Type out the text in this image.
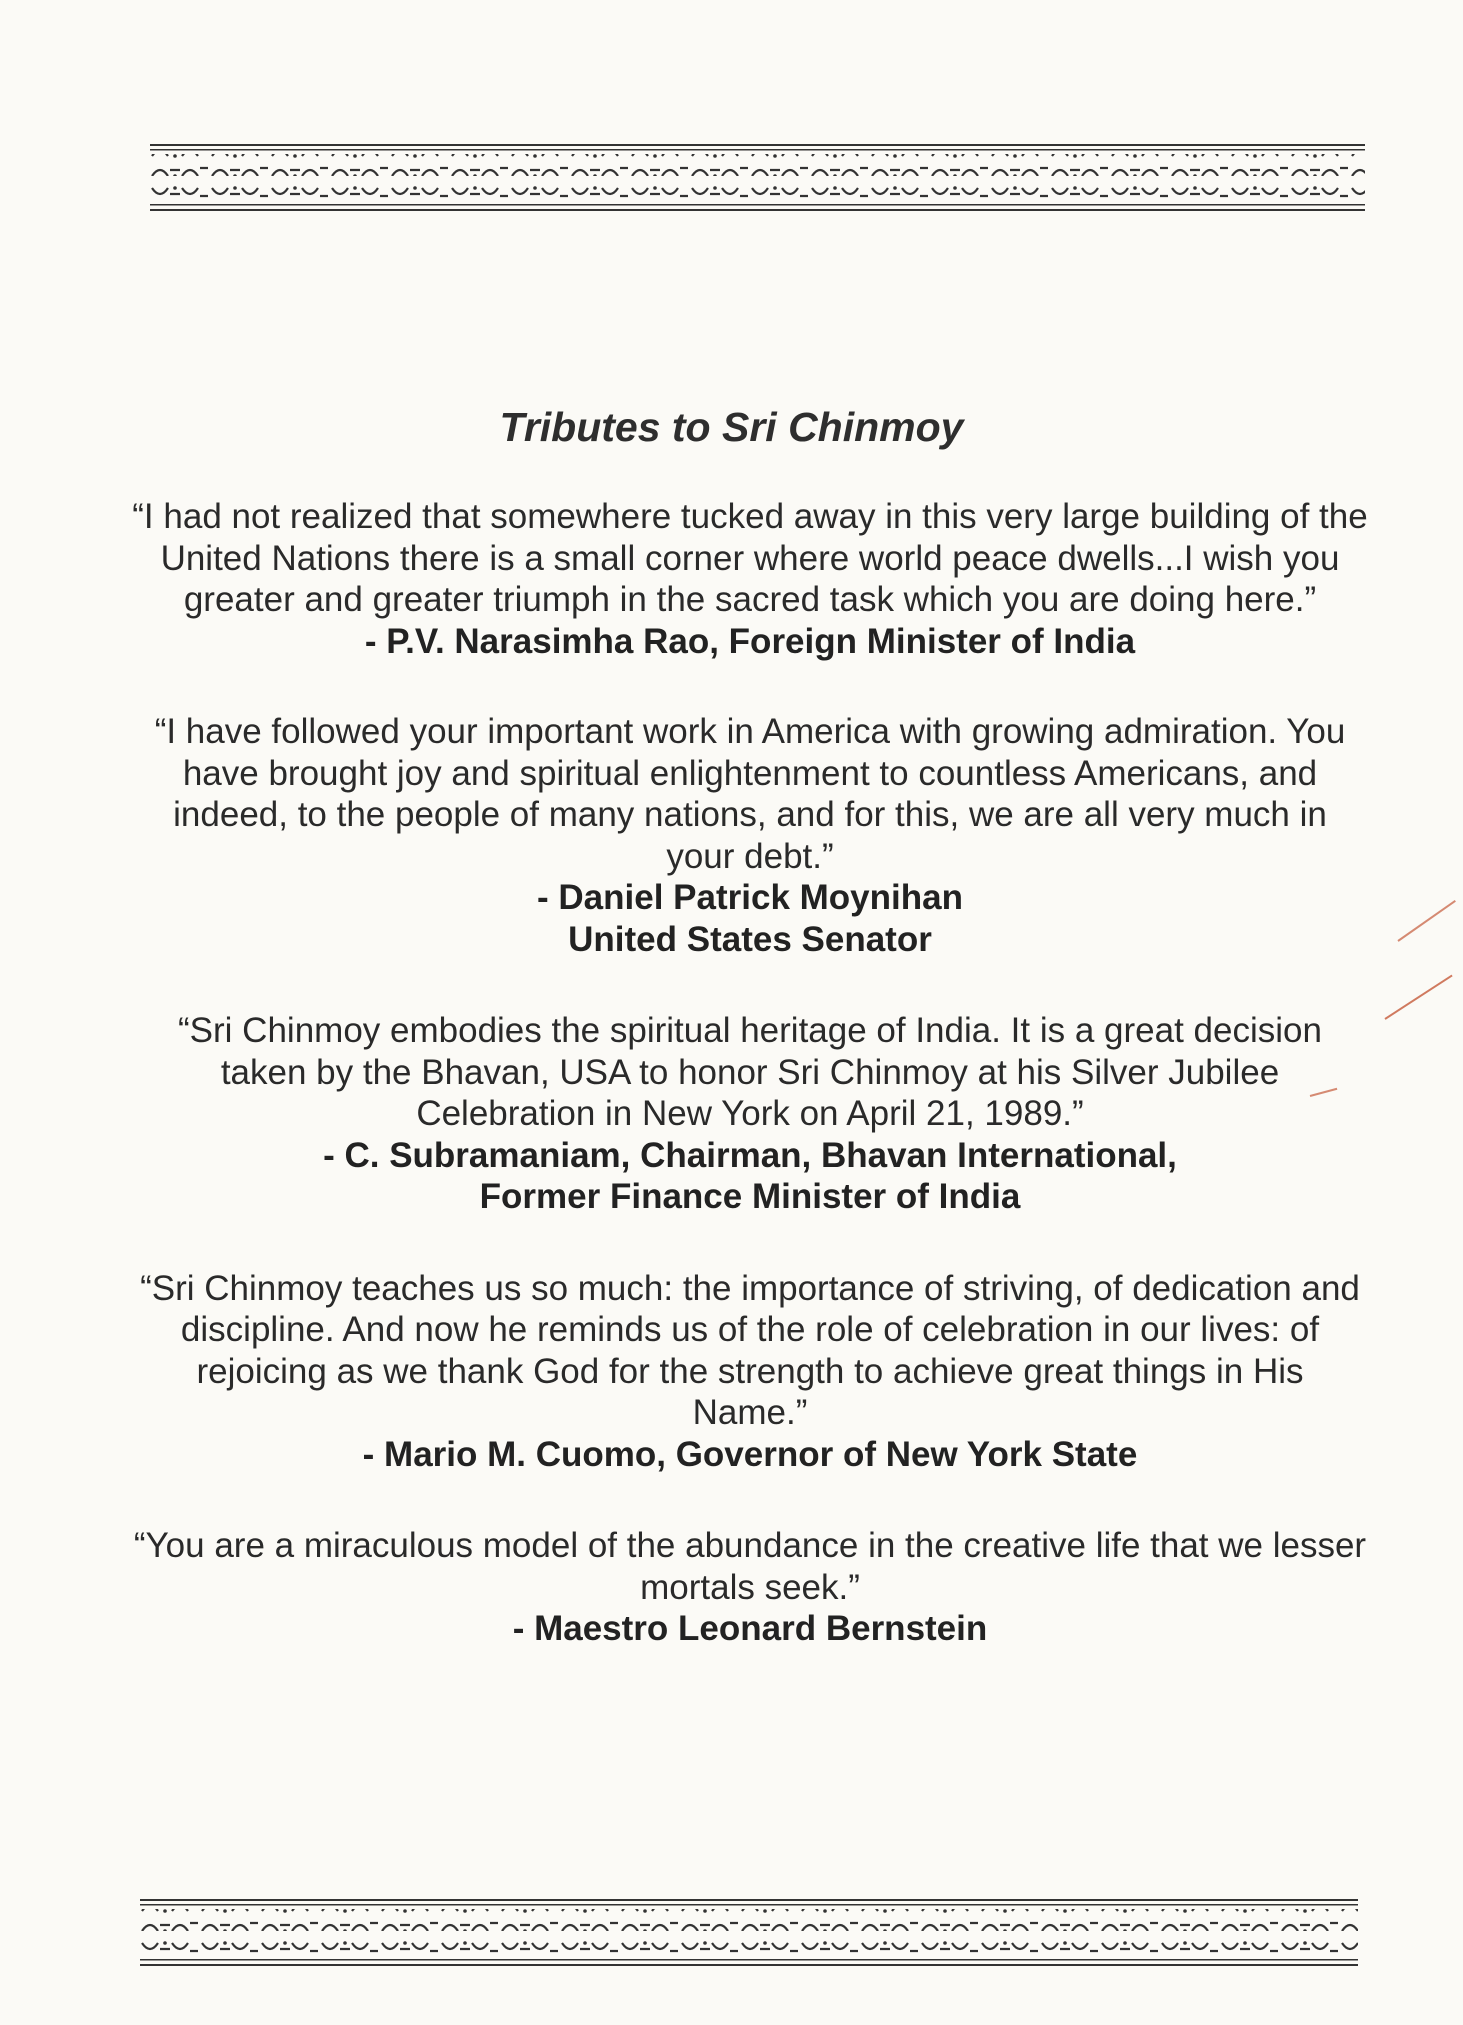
Tributes to Sri Chinmoy

“I had not realized that somewhere tucked away in this very large building of the United Nations there is a small corner where world peace dwells...I wish you greater and greater triumph in the sacred task which you are doing here.”

- P.V. Narasimha Rao, Foreign Minister of India

“I have followed your important work in America with growing admiration. You have brought joy and spiritual enlightenment to countless Americans, and indeed, to the people of many nations, and for this, we are all very much in your debt.”

- Daniel Patrick Moynihan

United States Senator

“Sri Chinmoy embodies the spiritual heritage of India. It is a great decision taken by the Bhavan, USA to honor Sri Chinmoy at his Silver Jubilee Celebration in New York on April 21, 1989.”

- C. Subramaniam, Chairman, Bhavan International,

Former Finance Minister of India

“Sri Chinmoy teaches us so much: the importance of striving, of dedication and discipline. And now he reminds us of the role of celebration in our lives: of rejoicing as we thank God for the strength to achieve great things in His Name.”

- Mario M. Cuomo, Governor of New York State

“You are a miraculous model of the abundance in the creative life that we lesser mortals seek.”

- Maestro Leonard Bernstein
